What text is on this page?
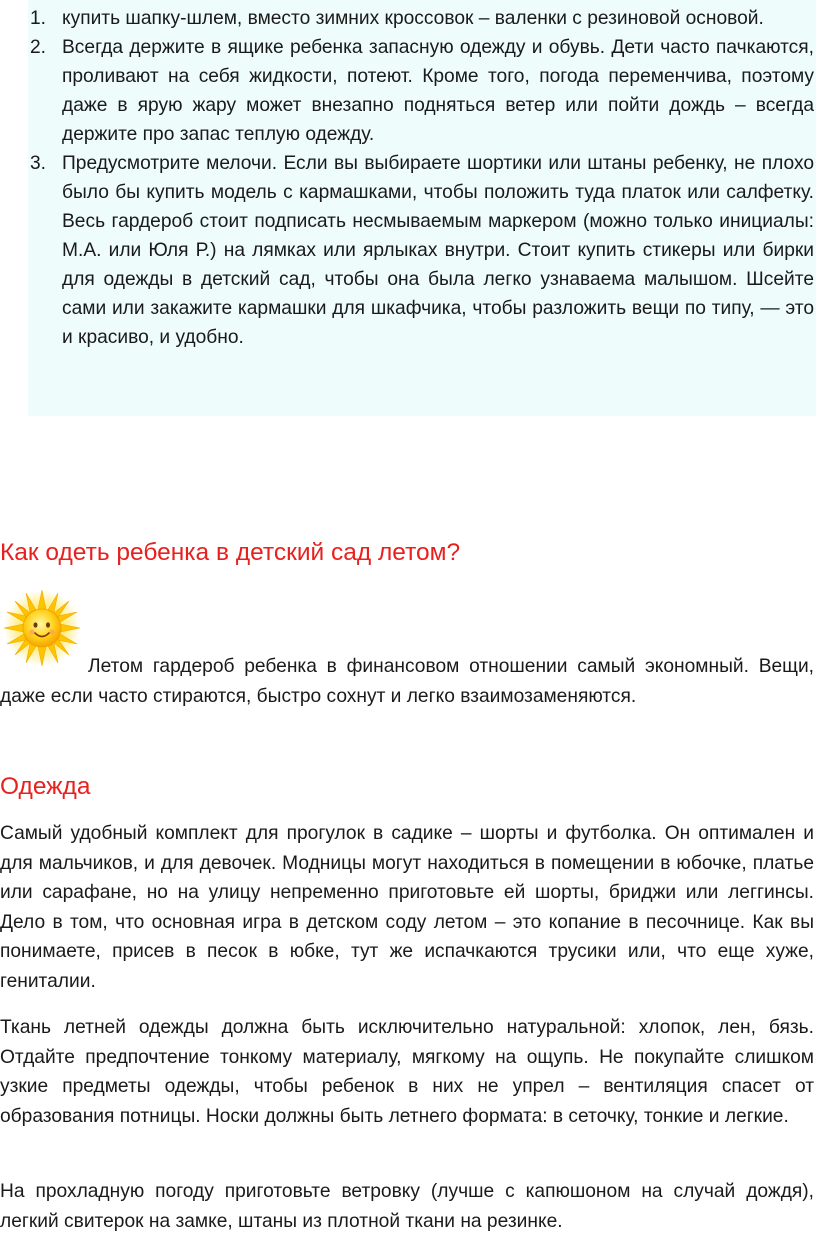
1. купить шапку-шлем, вместо зимних кроссовок – валенки с резиновой основой.
2. Всегда держите в ящике ребенка запасную одежду и обувь. Дети часто пачкаются, проливают на себя жидкости, потеют. Кроме того, погода переменчива, поэтому даже в ярую жару может внезапно подняться ветер или пойти дождь – всегда держите про запас теплую одежду.
3. Предусмотрите мелочи. Если вы выбираете шортики или штаны ребенку, не плохо было бы купить модель с кармашками, чтобы положить туда платок или салфетку. Весь гардероб стоит подписать несмываемым маркером (можно только инициалы: М.А. или Юля Р.) на лямках или ярлыках внутри. Стоит купить стикеры или бирки для одежды в детский сад, чтобы она была легко узнаваема малышом. Шсейте сами или закажите кармашки для шкафчика, чтобы разложить вещи по типу, — это и красиво, и удобно.
Как одеть ребенка в детский сад летом?

Летом гардероб ребенка в финансовом отношении самый экономный. Вещи, даже если часто стираются, быстро сохнут и легко взаимозаменяются.

Одежда

Самый удобный комплект для прогулок в садике – шорты и футболка. Он оптимален и для мальчиков, и для девочек. Модницы могут находиться в помещении в юбочке, платье или сарафане, но на улицу непременно приготовьте ей шорты, бриджи или леггинсы. Дело в том, что основная игра в детском соду летом – это копание в песочнице. Как вы понимаете, присев в песок в юбке, тут же испачкаются трусики или, что еще хуже, гениталии.

Ткань летней одежды должна быть исключительно натуральной: хлопок, лен, бязь. Отдайте предпочтение тонкому материалу, мягкому на ощупь. Не покупайте слишком узкие предметы одежды, чтобы ребенок в них не упрел – вентиляция спасет от образования потницы. Носки должны быть летнего формата: в сеточку, тонкие и легкие.

На прохладную погоду приготовьте ветровку (лучше с капюшоном на случай дождя), легкий свитерок на замке, штаны из плотной ткани на резинке.
